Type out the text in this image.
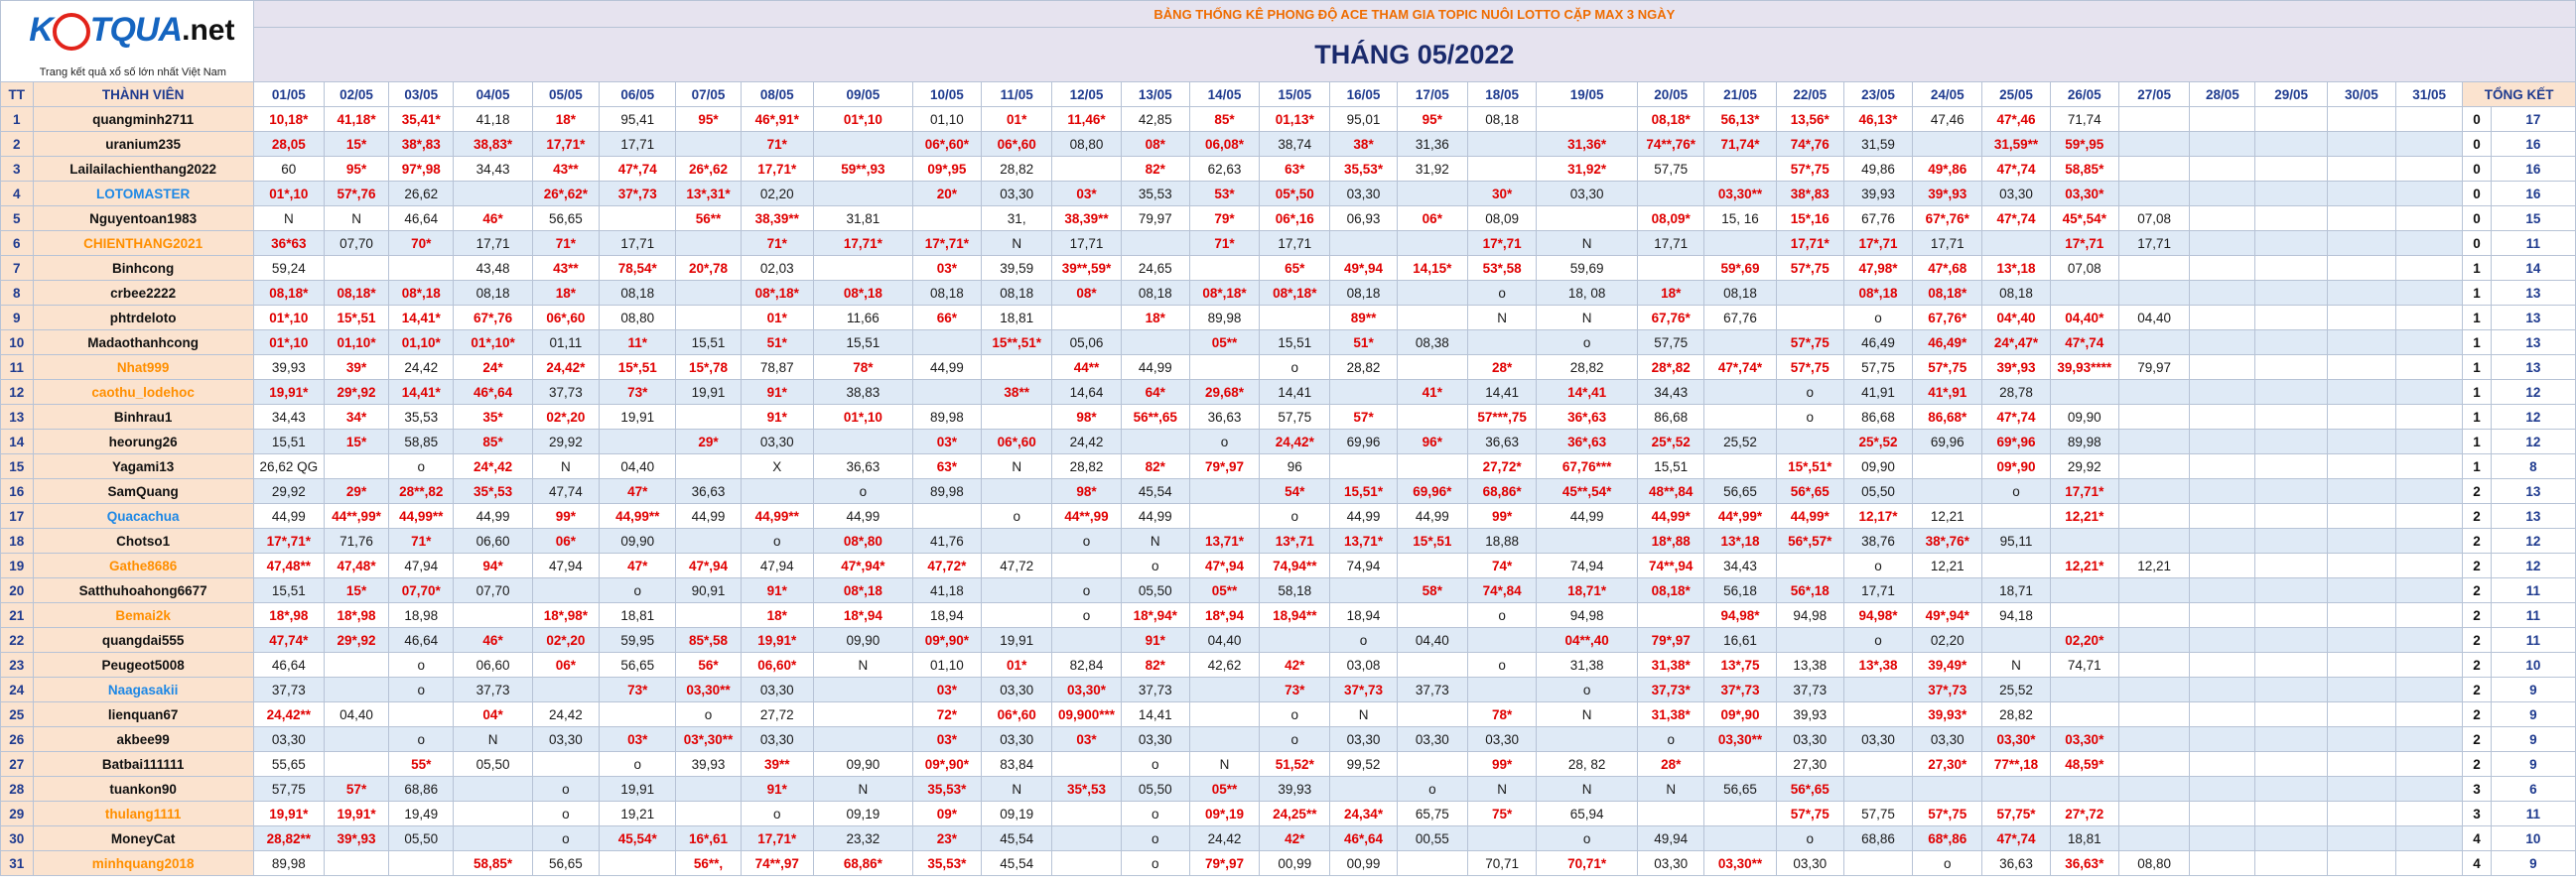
K TQUA.net
Trang kết quả xổ số lớn nhất Việt Nam		BẢNG THỐNG KÊ PHONG ĐỘ ACE THAM GIA TOPIC NUÔI LOTTO CẶP MAX 3 NGÀY																																
		THÁNG 05/2022																																
TT	THÀNH VIÊN	01/05	02/05	03/05	04/05	05/05	06/05	07/05	08/05	09/05	10/05	11/05	12/05	13/05	14/05	15/05	16/05	17/05	18/05	19/05	20/05	21/05	22/05	23/05	24/05	25/05	26/05	27/05	28/05	29/05	30/05	31/05	TỔNG KẾT	
1	quangminh2711	10,18*	41,18*	35,41*	41,18	18*	95,41	95*	46*,91*	01*,10	01,10	01*	11,46*	42,85	85*	01,13*	95,01	95*	08,18		08,18*	56,13*	13,56*	46,13*	47,46	47*,46	71,74						0	17
2	uranium235	28,05	15*	38*,83	38,83*	17,71*	17,71		71*		06*,60*	06*,60	08,80	08*	06,08*	38,74	38*	31,36		31,36*	74**,76*	71,74*	74*,76	31,59		31,59**	59*,95						0	16
3	Lailailachienthang2022	60	95*	97*,98	34,43	43**	47*,74	26*,62	17,71*	59**,93	09*,95	28,82		82*	62,63	63*	35,53*	31,92		31,92*	57,75		57*,75	49,86	49*,86	47*,74	58,85*						0	16
4	LOTOMASTER	01*,10	57*,76	26,62		26*,62*	37*,73	13*,31*	02,20		20*	03,30	03*	35,53	53*	05*,50	03,30		30*	03,30		03,30**	38*,83	39,93	39*,93	03,30	03,30*						0	16
5	Nguyentoan1983	N	N	46,64	46*	56,65		56**	38,39**	31,81		31,	38,39**	79,97	79*	06*,16	06,93	06*	08,09		08,09*	15, 16	15*,16	67,76	67*,76*	47*,74	45*,54*	07,08					0	15
6	CHIENTHANG2021	36*63	07,70	70*	17,71	71*	17,71		71*	17,71*	17*,71*	N	17,71		71*	17,71			17*,71	N	17,71		17,71*	17*,71	17,71		17*,71	17,71					0	11
7	Binhcong	59,24			43,48	43**	78,54*	20*,78	02,03		03*	39,59	39**,59*	24,65		65*	49*,94	14,15*	53*,58	59,69		59*,69	57*,75	47,98*	47*,68	13*,18	07,08						1	14
8	crbee2222	08,18*	08,18*	08*,18	08,18	18*	08,18		08*,18*	08*,18	08,18	08,18	08*	08,18	08*,18*	08*,18*	08,18		o	18, 08	18*	08,18		08*,18	08,18*	08,18							1	13
9	phtrdeloto	01*,10	15*,51	14,41*	67*,76	06*,60	08,80		01*	11,66	66*	18,81		18*	89,98		89**		N	N	67,76*	67,76		o	67,76*	04*,40	04,40*	04,40					1	13
10	Madaothanhcong	01*,10	01,10*	01,10*	01*,10*	01,11	11*	15,51	51*	15,51		15**,51*	05,06		05**	15,51	51*	08,38		o	57,75		57*,75	46,49	46,49*	24*,47*	47*,74						1	13
11	Nhat999	39,93	39*	24,42	24*	24,42*	15*,51	15*,78	78,87	78*	44,99		44**	44,99		o	28,82		28*	28,82	28*,82	47*,74*	57*,75	57,75	57*,75	39*,93	39,93****	79,97					1	13
12	caothu_lodehoc	19,91*	29*,92	14,41*	46*,64	37,73	73*	19,91	91*	38,83		38**	14,64	64*	29,68*	14,41		41*	14,41	14*,41	34,43		o	41,91	41*,91	28,78							1	12
13	Binhrau1	34,43	34*	35,53	35*	02*,20	19,91		91*	01*,10	89,98		98*	56**,65	36,63	57,75	57*		57***,75	36*,63	86,68		o	86,68	86,68*	47*,74	09,90						1	12
14	heorung26	15,51	15*	58,85	85*	29,92		29*	03,30		03*	06*,60	24,42		o	24,42*	69,96	96*	36,63	36*,63	25*,52	25,52		25*,52	69,96	69*,96	89,98						1	12
15	Yagami13	26,62 QG		o	24*,42	N	04,40		X	36,63	63*	N	28,82	82*	79*,97	96			27,72*	67,76***	15,51		15*,51*	09,90		09*,90	29,92						1	8
16	SamQuang	29,92	29*	28**,82	35*,53	47,74	47*	36,63		o	89,98		98*	45,54		54*	15,51*	69,96*	68,86*	45**,54*	48**,84	56,65	56*,65	05,50		o	17,71*						2	13
17	Quacachua	44,99	44**,99*	44,99**	44,99	99*	44,99**	44,99	44,99**	44,99		o	44**,99	44,99		o	44,99	44,99	99*	44,99	44,99*	44*,99*	44,99*	12,17*	12,21		12,21*						2	13
18	Chotso1	17*,71*	71,76	71*	06,60	06*	09,90		o	08*,80	41,76		o	N	13,71*	13*,71	13,71*	15*,51	18,88		18*,88	13*,18	56*,57*	38,76	38*,76*	95,11							2	12
19	Gathe8686	47,48**	47,48*	47,94	94*	47,94	47*	47*,94	47,94	47*,94*	47,72*	47,72		o	47*,94	74,94**	74,94		74*	74,94	74**,94	34,43		o	12,21		12,21*	12,21					2	12
20	Satthuhoahong6677	15,51	15*	07,70*	07,70		o	90,91	91*	08*,18	41,18		o	05,50	05**	58,18		58*	74*,84	18,71*	08,18*	56,18	56*,18	17,71		18,71							2	11
21	Bemai2k	18*,98	18*,98	18,98		18*,98*	18,81		18*	18*,94	18,94		o	18*,94*	18*,94	18,94**	18,94		o	94,98		94,98*	94,98	94,98*	49*,94*	94,18							2	11
22	quangdai555	47,74*	29*,92	46,64	46*	02*,20	59,95	85*,58	19,91*	09,90	09*,90*	19,91		91*	04,40		o	04,40		04**,40	79*,97	16,61		o	02,20		02,20*						2	11
23	Peugeot5008	46,64		o	06,60	06*	56,65	56*	06,60*	N	01,10	01*	82,84	82*	42,62	42*	03,08		o	31,38	31,38*	13*,75	13,38	13*,38	39,49*	N	74,71						2	10
24	Naagasakii	37,73		o	37,73		73*	03,30**	03,30		03*	03,30	03,30*	37,73		73*	37*,73	37,73		o	37,73*	37*,73	37,73		37*,73	25,52							2	9
25	lienquan67	24,42**	04,40		04*	24,42		o	27,72		72*	06*,60	09,900***	14,41		o	N		78*	N	31,38*	09*,90	39,93		39,93*	28,82							2	9
26	akbee99	03,30		o	N	03,30	03*	03*,30**	03,30		03*	03,30	03*	03,30		o	03,30	03,30	03,30		o	03,30**	03,30	03,30	03,30	03,30*	03,30*						2	9
27	Batbai111111	55,65		55*	05,50		o	39,93	39**	09,90	09*,90*	83,84		o	N	51,52*	99,52		99*	28, 82	28*		27,30		27,30*	77**,18	48,59*						2	9
28	tuankon90	57,75	57*	68,86		o	19,91		91*	N	35,53*	N	35*,53	05,50	05**	39,93		o	N	N	N	56,65	56*,65										3	6
29	thulang1111	19,91*	19,91*	19,49		o	19,21		o	09,19	09*	09,19		o	09*,19	24,25**	24,34*	65,75	75*	65,94			57*,75	57,75	57*,75	57,75*	27*,72						3	11
30	MoneyCat	28,82**	39*,93	05,50		o	45,54*	16*,61	17,71*	23,32	23*	45,54		o	24,42	42*	46*,64	00,55		o	49,94		o	68,86	68*,86	47*,74	18,81						4	10
31	minhquang2018	89,98			58,85*	56,65		56**,	74**,97	68,86*	35,53*	45,54		o	79*,97	00,99	00,99		70,71	70,71*	03,30	03,30**	03,30		o	36,63	36,63*	08,80					4	9
